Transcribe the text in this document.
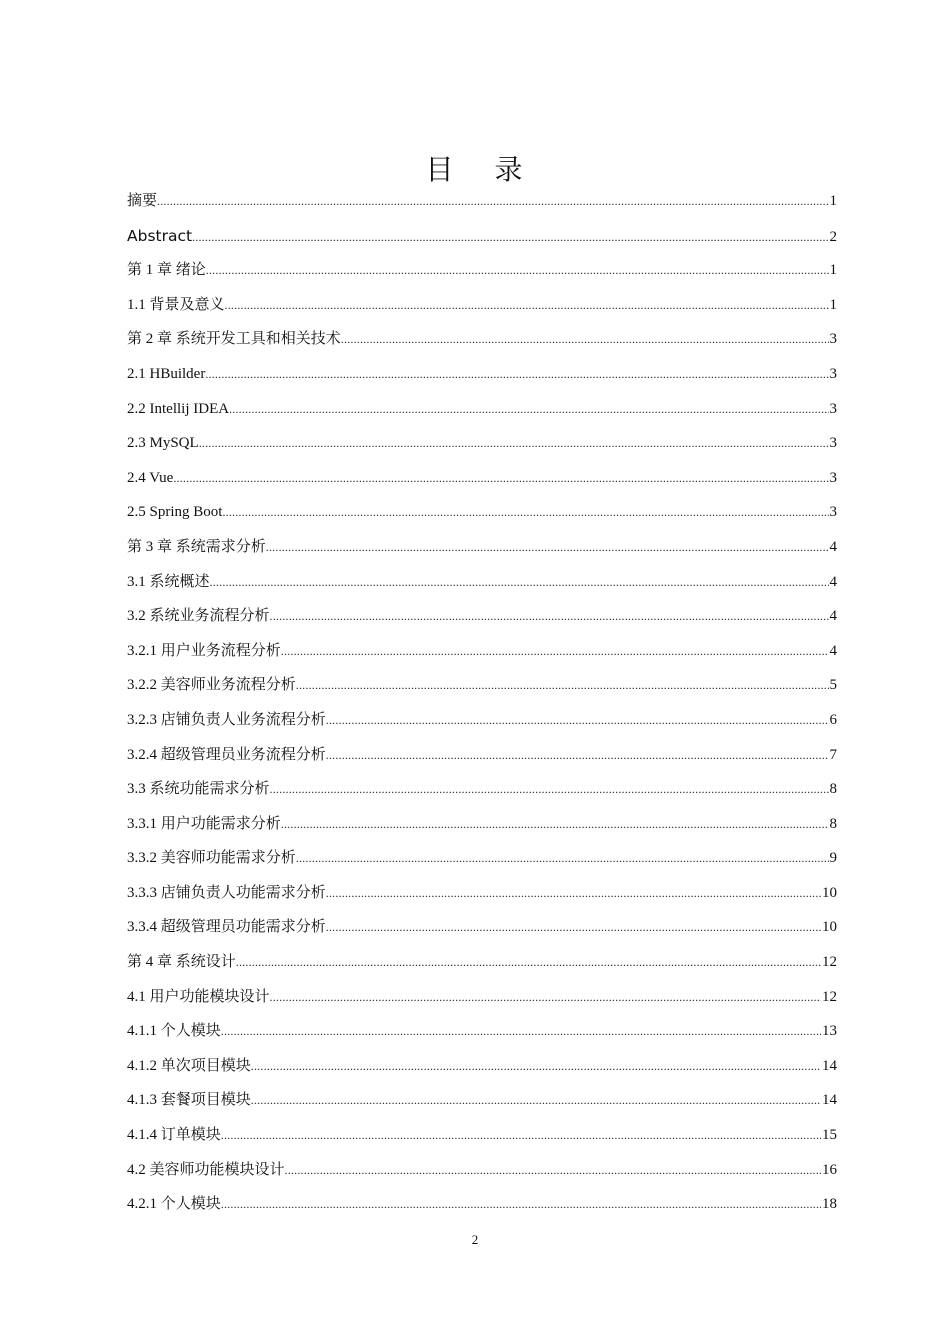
目 录
摘要 .....	1
Abstract .....	2
第 1 章 绪论 .....	1
1.1 背景及意义 .....	1
第 2 章 系统开发工具和相关技术 .....	3
2.1 HBuilder .....	3
2.2 Intellij IDEA .....	3
2.3 MySQL .....	3
2.4 Vue .....	3
2.5 Spring Boot .....	3
第 3 章 系统需求分析 .....	4
3.1 系统概述 .....	4
3.2 系统业务流程分析 .....	4
3.2.1 用户业务流程分析 .....	4
3.2.2 美容师业务流程分析 .....	5
3.2.3 店铺负责人业务流程分析 .....	6
3.2.4 超级管理员业务流程分析 .....	7
3.3 系统功能需求分析 .....	8
3.3.1 用户功能需求分析 .....	8
3.3.2 美容师功能需求分析 .....	9
3.3.3 店铺负责人功能需求分析 .....	10
3.3.4 超级管理员功能需求分析 .....	10
第 4 章 系统设计 .....	12
4.1 用户功能模块设计 .....	12
4.1.1 个人模块 .....	13
4.1.2 单次项目模块 .....	14
4.1.3 套餐项目模块 .....	14
4.1.4 订单模块 .....	15
4.2 美容师功能模块设计 .....	16
4.2.1 个人模块 .....	18
2
